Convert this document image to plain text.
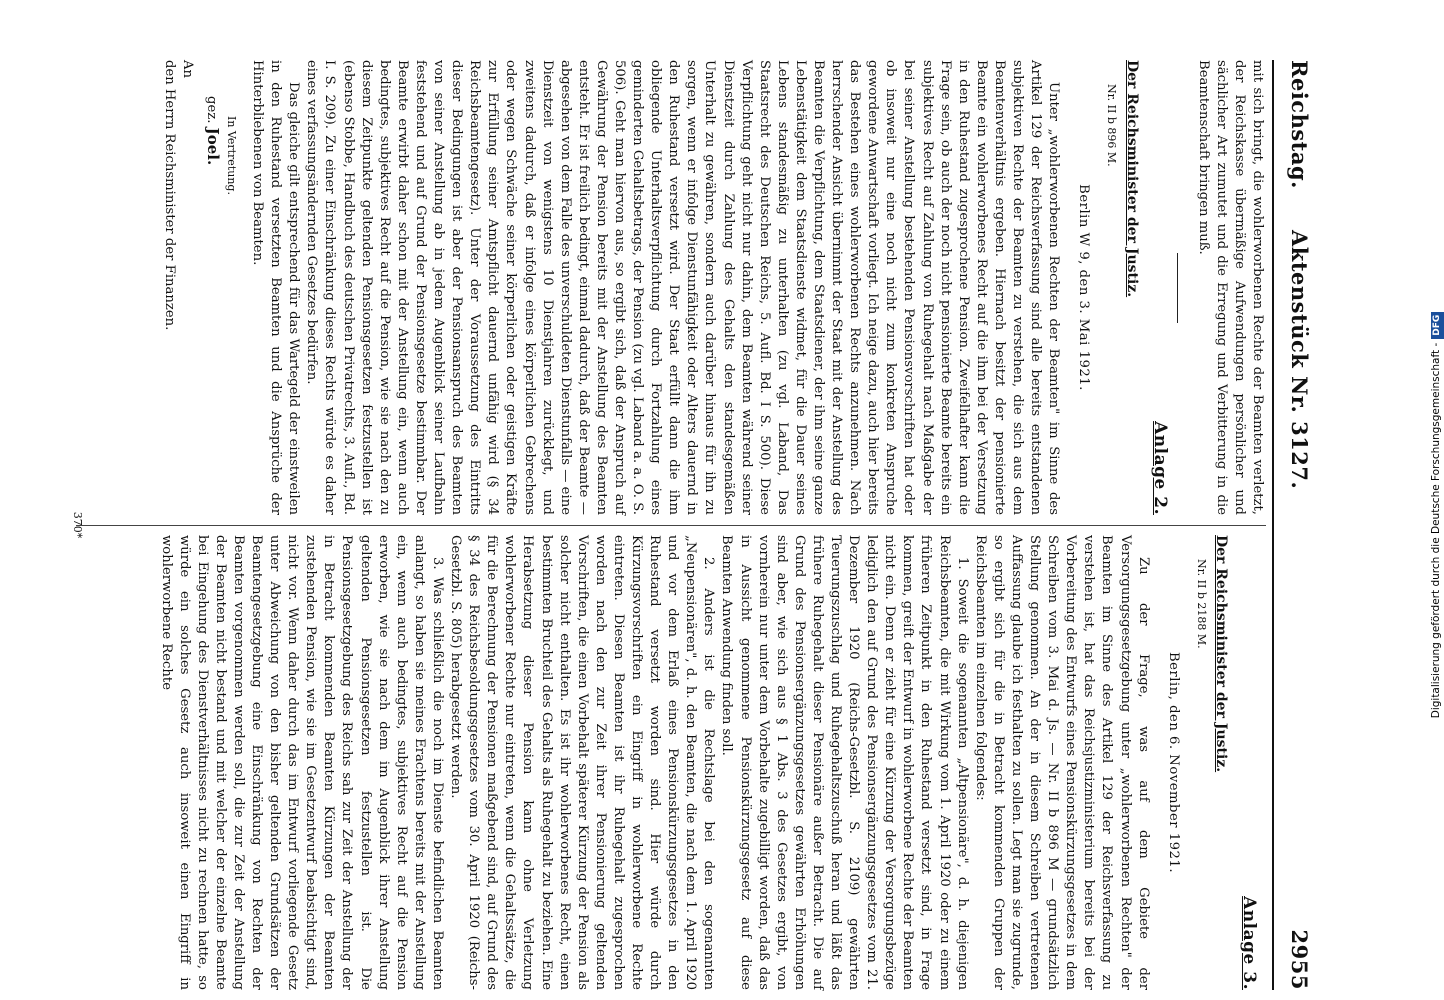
Reichstag.
Aktenstück Nr. 3127.
2955

mit sich bringt, die wohlerworbenen Rechte der Beamten verletzt, der Reichskasse übermäßige Aufwendungen persönlicher und sächlicher Art zumutet und die Erregung und Verbitterung in die Beamtenschaft bringen muß.

Anlage 2.
Der Reichsminister der Justiz.
Nr. II b 896 M.
Berlin W 9, den 3. Mai 1921.

Unter „wohlerworbenen Rechten der Beamten" im Sinne des Artikel 129 der Reichsverfassung sind alle bereits entstandenen subjektiven Rechte der Beamten zu verstehen, die sich aus dem Beamtenverhältnis ergeben. Hiernach besitzt der pensionierte Beamte ein wohlerworbenes Recht auf die ihm bei der Versetzung in den Ruhestand zugesprochene Pension. Zweifelhafter kann die Frage sein, ob auch der noch nicht pensionierte Beamte bereits ein subjektives Recht auf Zahlung von Ruhegehalt nach Maßgabe der bei seiner Anstellung bestehenden Pensionsvorschriften hat oder ob insoweit nur eine noch nicht zum konkreten Anspruche gewordene Anwartschaft vorliegt. Ich neige dazu, auch hier bereits das Bestehen eines wohlerworbenen Rechts anzunehmen. Nach herrschender Ansicht übernimmt der Staat mit der Anstellung des Beamten die Verpflichtung, dem Staatsdiener, der ihm seine ganze Lebenstätigkeit dem Staatsdienste widmet, für die Dauer seines Lebens standesmäßig zu unterhalten (zu vgl. Laband, Das Staatsrecht des Deutschen Reichs, 5. Aufl. Bd. I S. 500). Diese Verpflichtung geht nicht nur dahin, dem Beamten während seiner Dienstzeit durch Zahlung des Gehalts den standesgemäßen Unterhalt zu gewähren, sondern auch darüber hinaus für ihn zu sorgen, wenn er infolge Dienstunfähigkeit oder Alters dauernd in den Ruhestand versetzt wird. Der Staat erfüllt dann die ihm obliegende Unterhaltsverpflichtung durch Fortzahlung eines geminderten Gehaltsbetrags, der Pension (zu vgl. Laband a. a. O. S. 506). Geht man hiervon aus, so ergibt sich, daß der Anspruch auf Gewährung der Pension bereits mit der Anstellung des Beamten entsteht. Er ist freilich bedingt, einmal dadurch, daß der Beamte — abgesehen von dem Falle des unverschuldeten Dienstunfalls — eine Dienstzeit von wenigstens 10 Dienstjahren zurücklegt, und zweitens dadurch, daß er infolge eines körperlichen Gebrechens oder wegen Schwäche seiner körperlichen oder geistigen Kräfte zur Erfüllung seiner Amtspflicht dauernd unfähig wird (§ 34 Reichsbeamtengesetz). Unter der Voraussetzung des Eintritts dieser Bedingungen ist aber der Pensionsanspruch des Beamten von seiner Anstellung ab in jedem Augenblick seiner Laufbahn feststehend und auf Grund der Pensionsgesetze bestimmbar. Der Beamte erwirbt daher schon mit der Anstellung ein, wenn auch bedingtes, subjektives Recht auf die Pension, wie sie nach den zu diesem Zeitpunkte geltenden Pensionsgesetzen festzustellen ist (ebenso Stobbe, Handbuch des deutschen Privatrechts, 3. Aufl., Bd. I. S. 209). Zu einer Einschränkung dieses Rechts würde es daher eines verfassungsändernden Gesetzes bedürfen.

Das gleiche gilt entsprechend für das Wartegeld der einstweilen in den Ruhestand versetzten Beamten und die Ansprüche der Hinterbliebenen von Beamten.

In Vertretung.
gez. Joel.
An
den Herrn Reichsminister der Finanzen.
Anlage 3.
Der Reichsminister der Justiz.
Nr. II b 2188 M.
Berlin, den 6. November 1921.

Zu der Frage, was auf dem Gebiete der Versorgungsgesetzgebung unter „wohlerworbenen Rechten" der Beamten im Sinne des Artikel 129 der Reichsverfassung zu verstehen ist, hat das Reichsjustizministerium bereits bei der Vorbereitung des Entwurfs eines Pensionskürzungsgesetzes in dem Schreiben vom 3. Mai d. Js. — Nr. II b 896 M — grundsätzlich Stellung genommen. An der in diesem Schreiben vertretenen Auffassung glaube ich festhalten zu sollen. Legt man sie zugrunde, so ergibt sich für die in Betracht kommenden Gruppen der Reichsbeamten im einzelnen folgendes:

1. Soweit die sogenannten „Altpensionäre", d. h. diejenigen Reichsbeamten, die mit Wirkung vom 1. April 1920 oder zu einem früheren Zeitpunkt in den Ruhestand versetzt sind, in Frage kommen, greift der Entwurf in wohlerworbene Rechte der Beamten nicht ein. Denn er zieht für eine Kürzung der Versorgungsbezüge lediglich den auf Grund des Pensionsergänzungsgesetzes vom 21. Dezember 1920 (Reichs-Gesetzbl. S. 2109) gewährten Teuerungszuschlag und Ruhegehaltszuschuß heran und läßt das frühere Ruhegehalt dieser Pensionäre außer Betracht. Die auf Grund des Pensionsergänzungsgesetzes gewährten Erhöhungen sind aber, wie sich aus § 1 Abs. 3 des Gesetzes ergibt, von vornherein nur unter dem Vorbehalte zugebilligt worden, daß das in Aussicht genommene Pensionskürzungsgesetz auf diese Beamten Anwendung finden soll.

2. Anders ist die Rechtslage bei den sogenannten „Neupensionären", d. h. den Beamten, die nach dem 1. April 1920 und vor dem Erlaß eines Pensionskürzungsgesetzes in den Ruhestand versetzt worden sind. Hier würde durch Kürzungsvorschriften ein Eingriff in wohlerworbene Rechte eintreten. Diesen Beamten ist ihr Ruhegehalt zugesprochen worden nach den zur Zeit ihrer Pensionierung geltenden Vorschriften, die einen Vorbehalt späterer Kürzung der Pension als solcher nicht enthalten. Es ist ihr wohlerworbenes Recht, einen bestimmten Bruchteil des Gehalts als Ruhegehalt zu beziehen. Eine Herabsetzung dieser Pension kann ohne Verletzung wohlerworbener Rechte nur eintreten, wenn die Gehaltssätze, die für die Berechnung der Pensionen maßgebend sind, auf Grund des § 34 des Reichsbesoldungsgesetzes vom 30. April 1920 (Reichs-Gesetzbl. S. 805) herabgesetzt werden.

3. Was schließlich die noch im Dienste befindlichen Beamten anlangt, so haben sie meines Erachtens bereits mit der Anstellung ein, wenn auch bedingtes, subjektives Recht auf die Pension erworben, wie sie nach dem im Augenblick ihrer Anstellung geltenden Pensionsgesetzen festzustellen ist. Die Pensionsgesetzgebung des Reichs sah zur Zeit der Anstellung der in Betracht kommenden Beamten Kürzungen der Beamten zustehenden Pension, wie sie im Gesetzentwurf beabsichtigt sind, nicht vor. Wenn daher durch das im Entwurf vorliegende Gesetz unter Abweichung von den bisher geltenden Grundsätzen der Beamtengesetzgebung eine Einschränkung von Rechten der Beamten vorgenommen werden soll, die zur Zeit der Anstellung der Beamten nicht bestand und mit welcher der einzelne Beamte bei Eingehung des Dienstverhältnisses nicht zu rechnen hatte, so würde ein solches Gesetz auch insoweit einen Eingriff in wohlerworbene Rechte

370*	Digitalisierung gefördert durch die Deutsche Forschungsgemeinschaft -DFG
